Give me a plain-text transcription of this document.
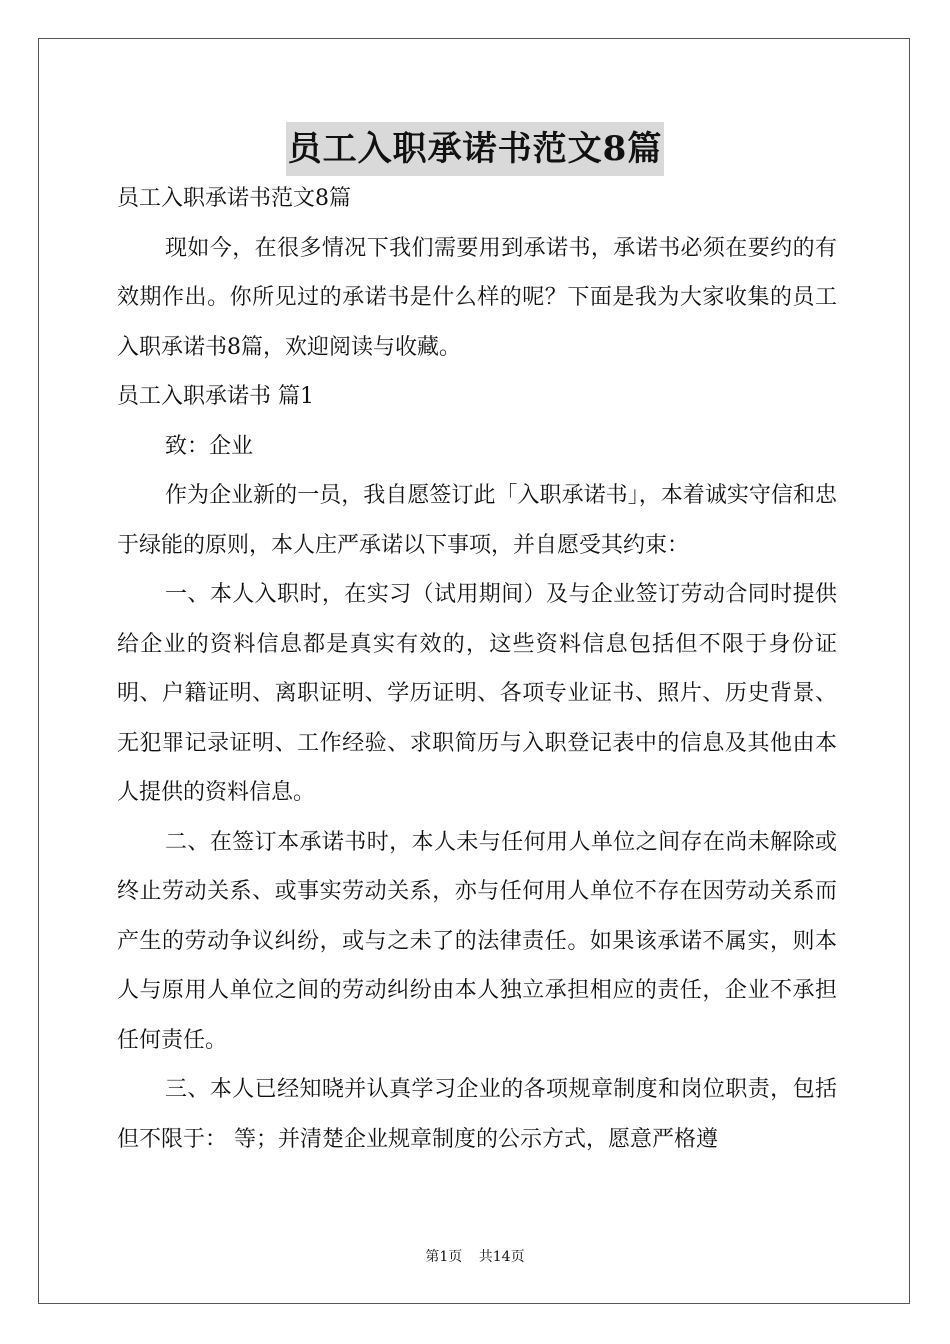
员工入职承诺书范文8篇

员工入职承诺书范文8篇

现如今，在很多情况下我们需要用到承诺书，承诺书必须在要约的有效期作出。你所见过的承诺书是什么样的呢？下面是我为大家收集的员工入职承诺书8篇，欢迎阅读与收藏。

员工入职承诺书 篇1

致：企业

作为企业新的一员，我自愿签订此「入职承诺书」，本着诚实守信和忠于绿能的原则，本人庄严承诺以下事项，并自愿受其约束：

一、本人入职时，在实习（试用期间）及与企业签订劳动合同时提供给企业的资料信息都是真实有效的，这些资料信息包括但不限于身份证明、户籍证明、离职证明、学历证明、各项专业证书、照片、历史背景、无犯罪记录证明、工作经验、求职简历与入职登记表中的信息及其他由本人提供的资料信息。

二、在签订本承诺书时，本人未与任何用人单位之间存在尚未解除或终止劳动关系、或事实劳动关系，亦与任何用人单位不存在因劳动关系而产生的劳动争议纠纷，或与之未了的法律责任。如果该承诺不属实，则本人与原用人单位之间的劳动纠纷由本人独立承担相应的责任，企业不承担任何责任。

三、本人已经知晓并认真学习企业的各项规章制度和岗位职责，包括但不限于： 等；并清楚企业规章制度的公示方式，愿意严格遵

第1页 共14页
